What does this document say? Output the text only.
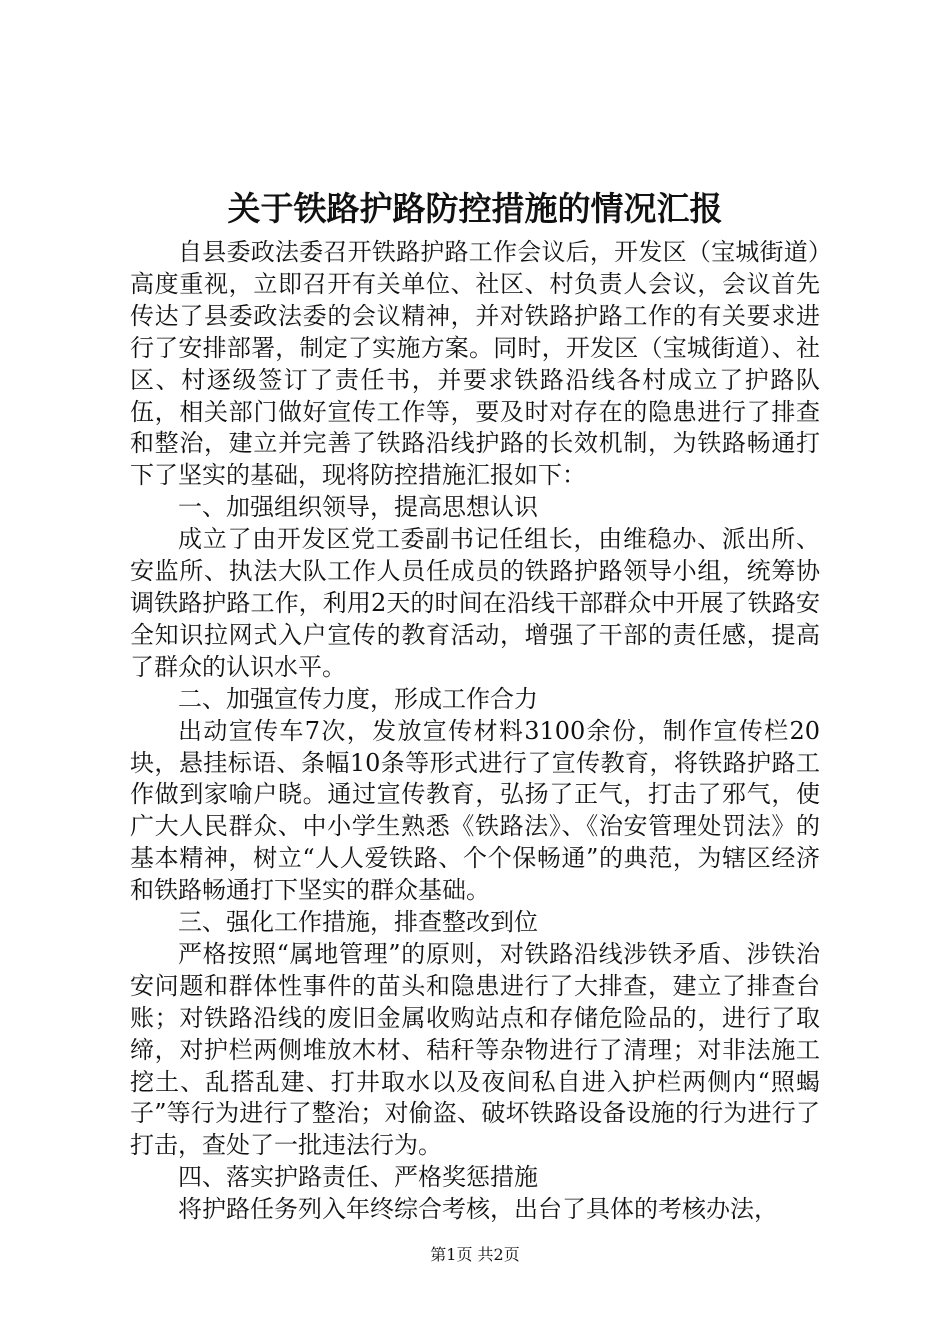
关于铁路护路防控措施的情况汇报

自县委政法委召开铁路护路工作会议后，开发区（宝城街道）高度重视，立即召开有关单位、社区、村负责人会议，会议首先传达了县委政法委的会议精神，并对铁路护路工作的有关要求进行了安排部署，制定了实施方案。同时，开发区（宝城街道）、社区、村逐级签订了责任书，并要求铁路沿线各村成立了护路队伍，相关部门做好宣传工作等，要及时对存在的隐患进行了排查和整治，建立并完善了铁路沿线护路的长效机制，为铁路畅通打下了坚实的基础，现将防控措施汇报如下：

一、加强组织领导，提高思想认识

成立了由开发区党工委副书记任组长，由维稳办、派出所、安监所、执法大队工作人员任成员的铁路护路领导小组，统筹协调铁路护路工作，利用2天的时间在沿线干部群众中开展了铁路安全知识拉网式入户宣传的教育活动，增强了干部的责任感，提高了群众的认识水平。

二、加强宣传力度，形成工作合力

出动宣传车7次，发放宣传材料3100余份，制作宣传栏20块，悬挂标语、条幅10条等形式进行了宣传教育，将铁路护路工作做到家喻户晓。通过宣传教育，弘扬了正气，打击了邪气，使广大人民群众、中小学生熟悉《铁路法》、《治安管理处罚法》的基本精神，树立“人人爱铁路、个个保畅通”的典范，为辖区经济和铁路畅通打下坚实的群众基础。

三、强化工作措施，排查整改到位

严格按照“属地管理”的原则，对铁路沿线涉铁矛盾、涉铁治安问题和群体性事件的苗头和隐患进行了大排查，建立了排查台账；对铁路沿线的废旧金属收购站点和存储危险品的，进行了取缔，对护栏两侧堆放木材、秸秆等杂物进行了清理；对非法施工挖土、乱搭乱建、打井取水以及夜间私自进入护栏两侧内“照蝎子”等行为进行了整治；对偷盗、破坏铁路设备设施的行为进行了打击，查处了一批违法行为。

四、落实护路责任、严格奖惩措施

将护路任务列入年终综合考核，出台了具体的考核办法，

第1页 共2页
